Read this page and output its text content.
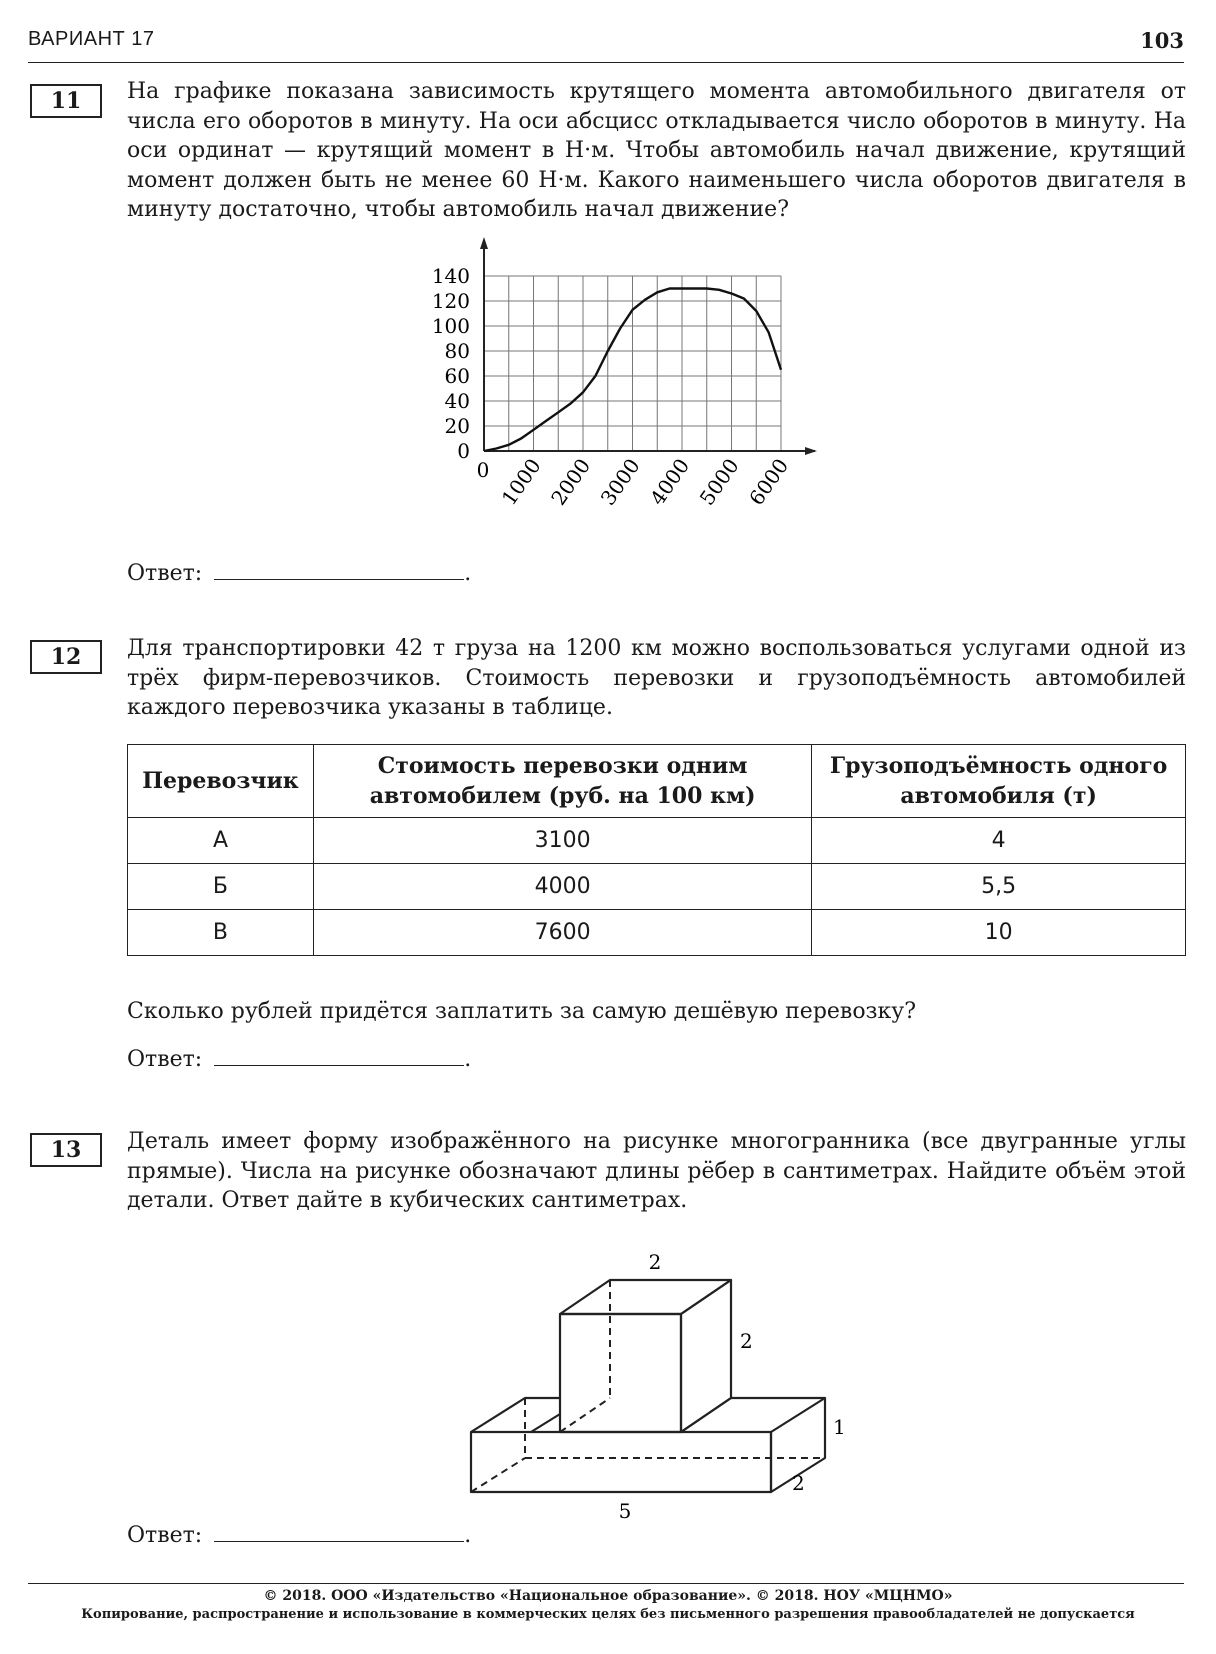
ВАРИАНТ 17	103
11	На графике показана зависимость крутящего момента автомобильного двигателя от числа его оборотов в минуту. На оси абсцисс откладывается число оборотов в минуту. На оси ординат — крутящий момент в Н·м. Чтобы автомобиль начал движение, крутящий момент должен быть не менее 60 Н·м. Какого наименьшего числа оборотов двигателя в минуту достаточно, чтобы автомобиль начал движение?
0
20
40
60
80
100
120
140
0 1000 2000 3000 4000 5000 6000
Ответ:	.
12	Для транспортировки 42 т груза на 1200 км можно воспользоваться услугами одной из трёх фирм-перевозчиков. Стоимость перевозки и грузоподъёмность автомобилей каждого перевозчика указаны в таблице.
Перевозчик	Стоимость перевозки одним автомобилем (руб. на 100 км)	Грузоподъёмность одного автомобиля (т)
А	3100	4
Б	4000	5,5
В	7600	10
Сколько рублей придётся заплатить за самую дешёвую перевозку?
Ответ:	.
13	Деталь имеет форму изображённого на рисунке многогранника (все двугранные углы прямые). Числа на рисунке обозначают длины рёбер в сантиметрах. Найдите объём этой детали. Ответ дайте в кубических сантиметрах.
2
2
1
2
5
Ответ:	.
© 2018. ООО «Издательство «Национальное образование». © 2018. НОУ «МЦНМО»
Копирование, распространение и использование в коммерческих целях без письменного разрешения правообладателей не допускается
